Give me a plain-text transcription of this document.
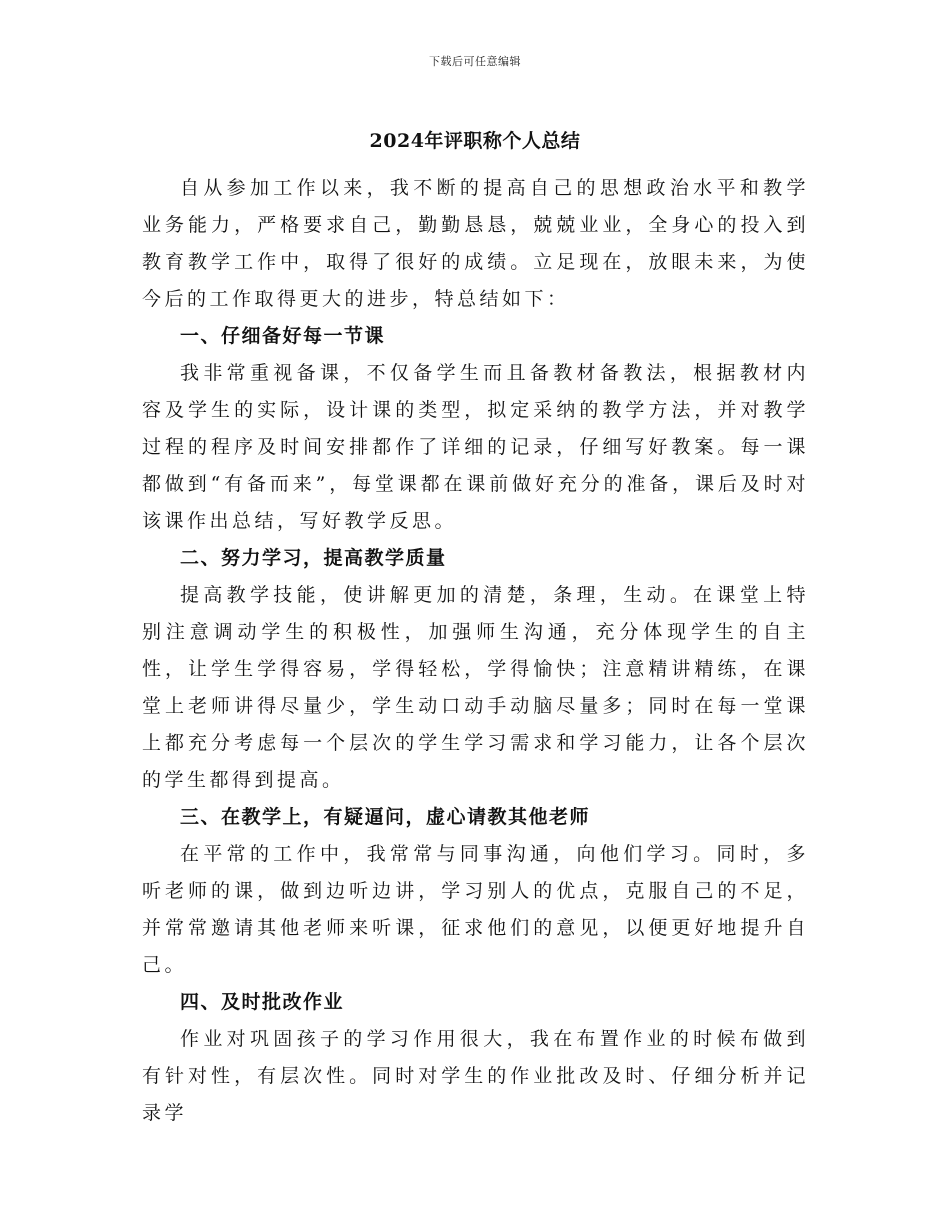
下载后可任意编辑
2024年评职称个人总结

自从参加工作以来，我不断的提高自己的思想政治水平和教学业务能力，严格要求自己，勤勤恳恳，兢兢业业，全身心的投入到教育教学工作中，取得了很好的成绩。立足现在，放眼未来，为使今后的工作取得更大的进步，特总结如下：

一、仔细备好每一节课

我非常重视备课，不仅备学生而且备教材备教法，根据教材内容及学生的实际，设计课的类型，拟定采纳的教学方法，并对教学过程的程序及时间安排都作了详细的记录，仔细写好教案。每一课都做到“有备而来”，每堂课都在课前做好充分的准备，课后及时对该课作出总结，写好教学反思。

二、努力学习，提高教学质量

提高教学技能，使讲解更加的清楚，条理，生动。在课堂上特别注意调动学生的积极性，加强师生沟通，充分体现学生的自主性，让学生学得容易，学得轻松，学得愉快；注意精讲精练，在课堂上老师讲得尽量少，学生动口动手动脑尽量多；同时在每一堂课上都充分考虑每一个层次的学生学习需求和学习能力，让各个层次的学生都得到提高。

三、在教学上，有疑逼问，虚心请教其他老师

在平常的工作中，我常常与同事沟通，向他们学习。同时，多听老师的课，做到边听边讲，学习别人的优点，克服自己的不足，并常常邀请其他老师来听课，征求他们的意见，以便更好地提升自己。

四、及时批改作业

作业对巩固孩子的学习作用很大，我在布置作业的时候布做到有针对性，有层次性。同时对学生的作业批改及时、仔细分析并记录学
